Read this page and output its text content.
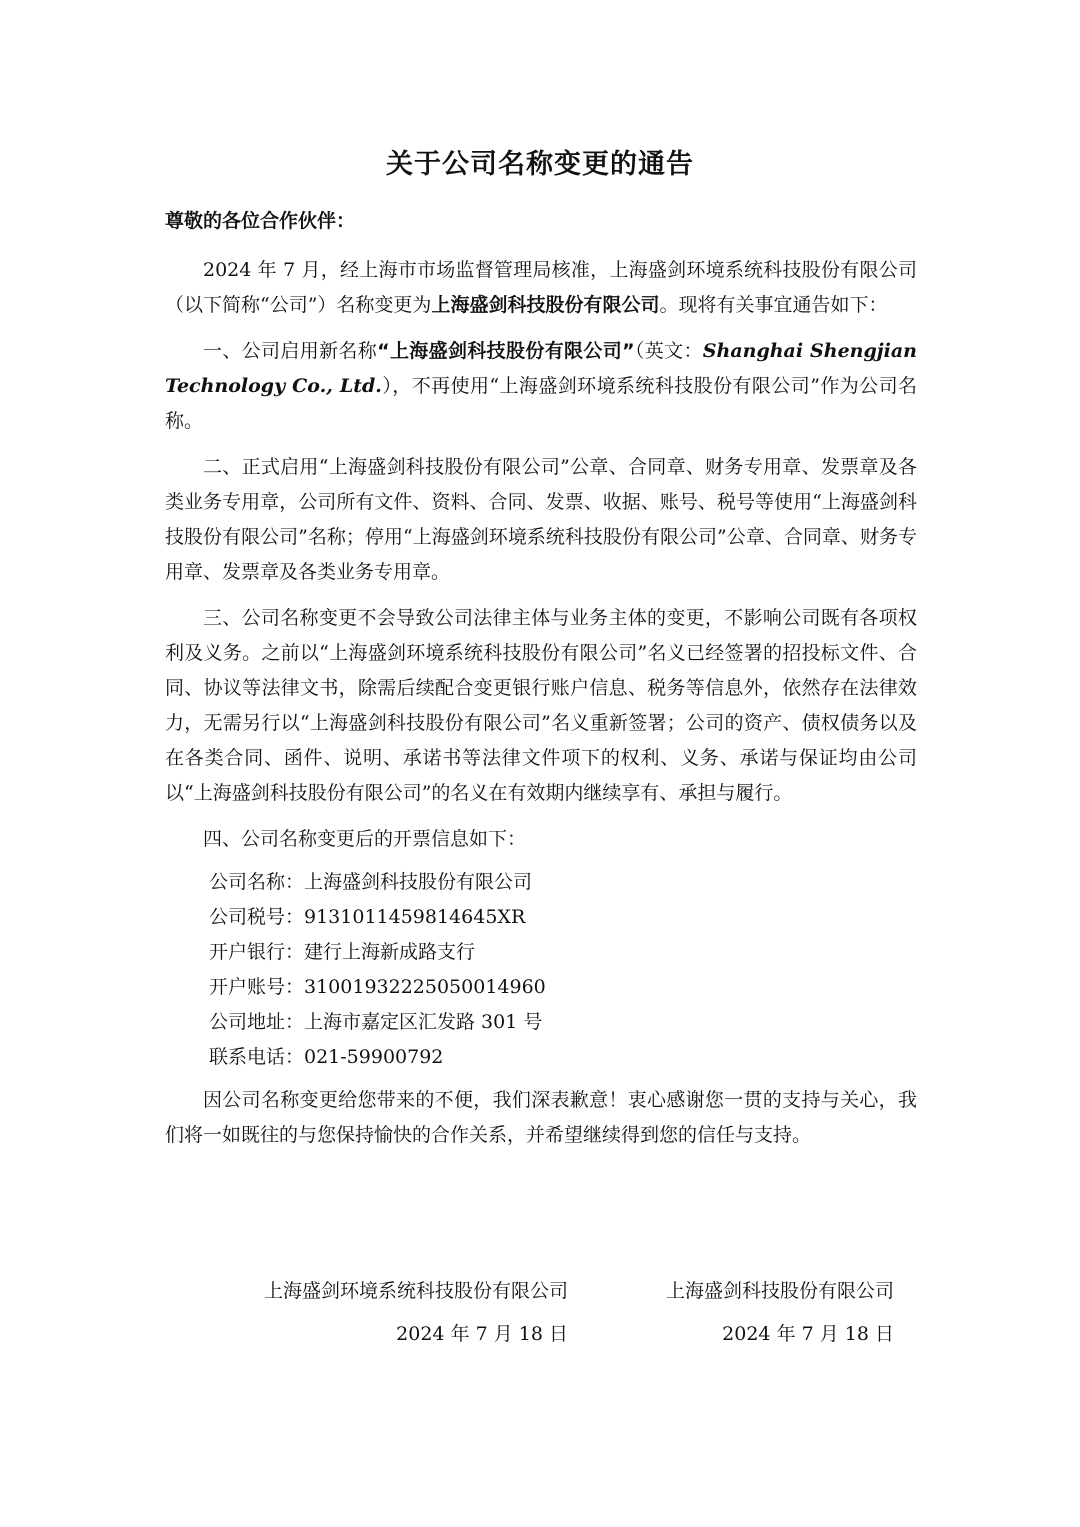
关于公司名称变更的通告
尊敬的各位合作伙伴：

2024 年 7 月，经上海市市场监督管理局核准，上海盛剑环境系统科技股份有限公司（以下简称“公司”）名称变更为上海盛剑科技股份有限公司。现将有关事宜通告如下：

一、公司启用新名称“上海盛剑科技股份有限公司”（英文：Shanghai Shengjian Technology Co., Ltd.），不再使用“上海盛剑环境系统科技股份有限公司”作为公司名称。

二、正式启用“上海盛剑科技股份有限公司”公章、合同章、财务专用章、发票章及各类业务专用章，公司所有文件、资料、合同、发票、收据、账号、税号等使用“上海盛剑科技股份有限公司”名称；停用“上海盛剑环境系统科技股份有限公司”公章、合同章、财务专用章、发票章及各类业务专用章。

三、公司名称变更不会导致公司法律主体与业务主体的变更，不影响公司既有各项权利及义务。之前以“上海盛剑环境系统科技股份有限公司”名义已经签署的招投标文件、合同、协议等法律文书，除需后续配合变更银行账户信息、税务等信息外，依然存在法律效力，无需另行以“上海盛剑科技股份有限公司”名义重新签署；公司的资产、债权债务以及在各类合同、函件、说明、承诺书等法律文件项下的权利、义务、承诺与保证均由公司以“上海盛剑科技股份有限公司”的名义在有效期内继续享有、承担与履行。

四、公司名称变更后的开票信息如下：

公司名称：上海盛剑科技股份有限公司
公司税号：9131011459814645XR
开户银行：建行上海新成路支行
开户账号：31001932225050014960
公司地址：上海市嘉定区汇发路 301 号
联系电话：021-59900792

因公司名称变更给您带来的不便，我们深表歉意！衷心感谢您一贯的支持与关心，我们将一如既往的与您保持愉快的合作关系，并希望继续得到您的信任与支持。

上海盛剑环境系统科技股份有限公司
2024 年 7 月 18 日
上海盛剑科技股份有限公司
2024 年 7 月 18 日
